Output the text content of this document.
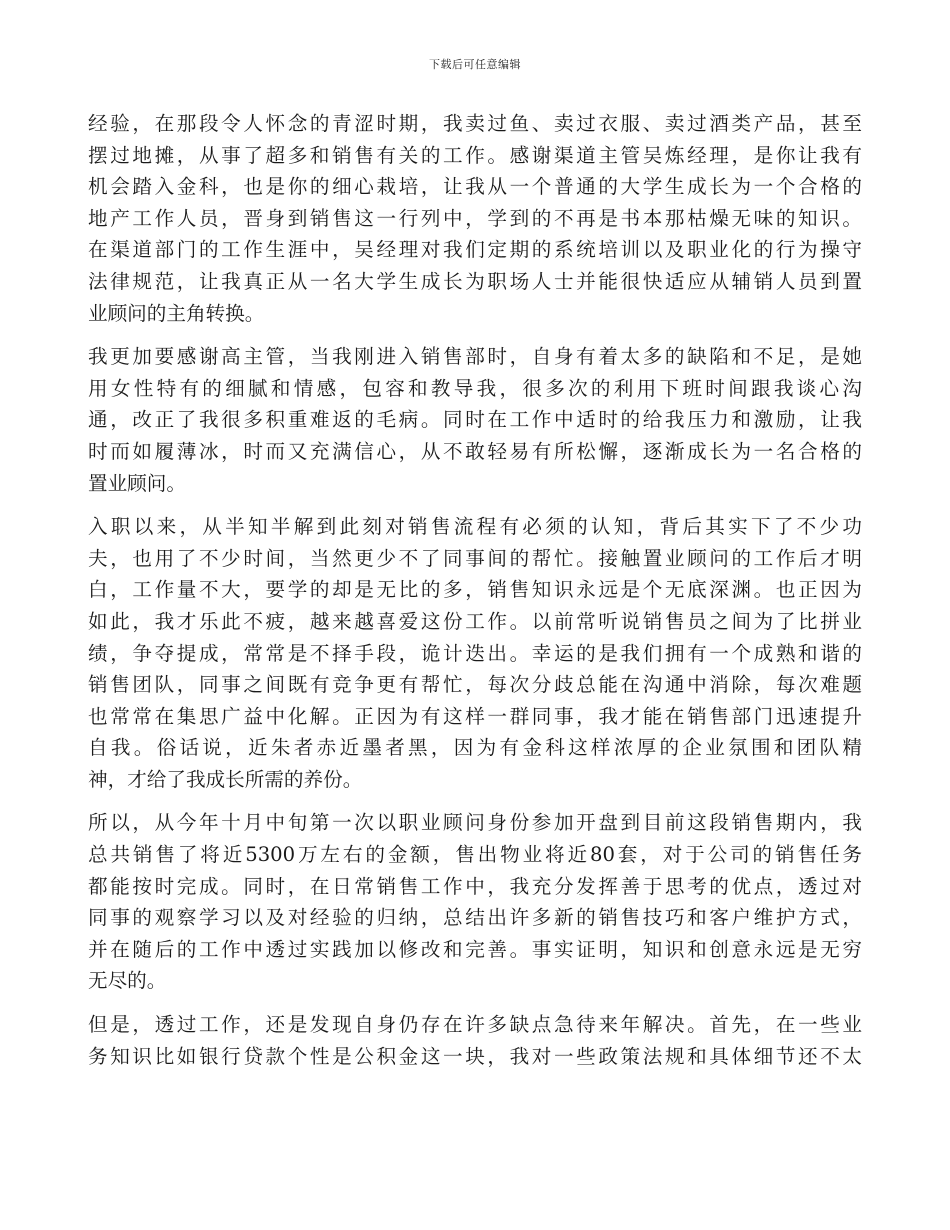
下载后可任意编辑
经验，在那段令人怀念的青涩时期，我卖过鱼、卖过衣服、卖过酒类产品，甚至
摆过地摊，从事了超多和销售有关的工作。感谢渠道主管吴炼经理，是你让我有
机会踏入金科，也是你的细心栽培，让我从一个普通的大学生成长为一个合格的
地产工作人员，晋身到销售这一行列中，学到的不再是书本那枯燥无味的知识。
在渠道部门的工作生涯中，吴经理对我们定期的系统培训以及职业化的行为操守
法律规范，让我真正从一名大学生成长为职场人士并能很快适应从辅销人员到置
业顾问的主角转换。
我更加要感谢高主管，当我刚进入销售部时，自身有着太多的缺陷和不足，是她
用女性特有的细腻和情感，包容和教导我，很多次的利用下班时间跟我谈心沟
通，改正了我很多积重难返的毛病。同时在工作中适时的给我压力和激励，让我
时而如履薄冰，时而又充满信心，从不敢轻易有所松懈，逐渐成长为一名合格的
置业顾问。
入职以来，从半知半解到此刻对销售流程有必须的认知，背后其实下了不少功
夫，也用了不少时间，当然更少不了同事间的帮忙。接触置业顾问的工作后才明
白，工作量不大，要学的却是无比的多，销售知识永远是个无底深渊。也正因为
如此，我才乐此不疲，越来越喜爱这份工作。以前常听说销售员之间为了比拼业
绩，争夺提成，常常是不择手段，诡计迭出。幸运的是我们拥有一个成熟和谐的
销售团队，同事之间既有竞争更有帮忙，每次分歧总能在沟通中消除，每次难题
也常常在集思广益中化解。正因为有这样一群同事，我才能在销售部门迅速提升
自我。俗话说，近朱者赤近墨者黑，因为有金科这样浓厚的企业氛围和团队精
神，才给了我成长所需的养份。
所以，从今年十月中旬第一次以职业顾问身份参加开盘到目前这段销售期内，我
总共销售了将近5300万左右的金额，售出物业将近80套，对于公司的销售任务
都能按时完成。同时，在日常销售工作中，我充分发挥善于思考的优点，透过对
同事的观察学习以及对经验的归纳，总结出许多新的销售技巧和客户维护方式，
并在随后的工作中透过实践加以修改和完善。事实证明，知识和创意永远是无穷
无尽的。
但是，透过工作，还是发现自身仍存在许多缺点急待来年解决。首先，在一些业
务知识比如银行贷款个性是公积金这一块，我对一些政策法规和具体细节还不太
